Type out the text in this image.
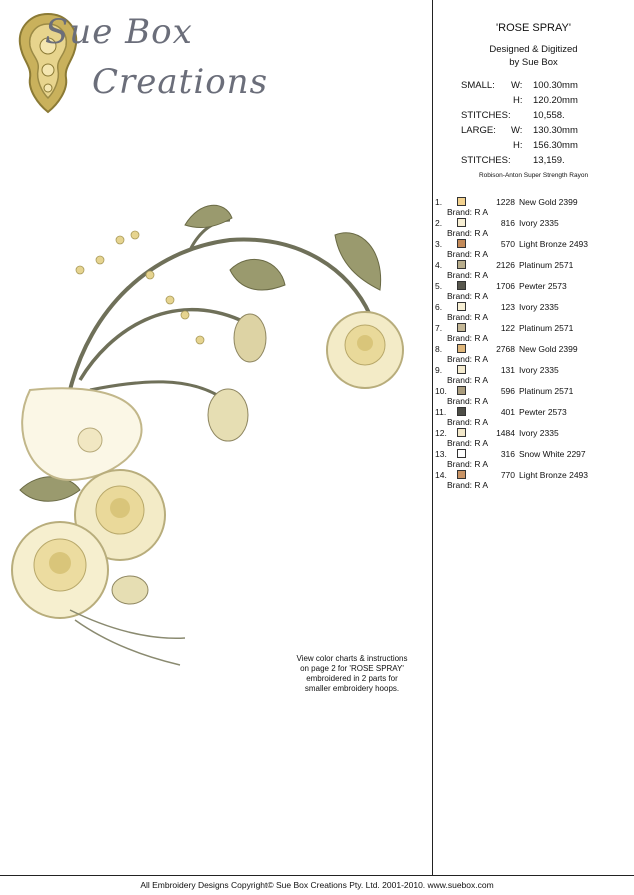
Sue Box
Creations
View color charts & instructions
on page 2 for 'ROSE SPRAY'
embroidered in 2 parts for
smaller embroidery hoops.
'ROSE SPRAY'
Designed & Digitized
by Sue Box
SMALL: W: 100.30mm
H: 120.20mm
STITCHES: 10,558.
LARGE: W: 130.30mm
H: 156.30mm
STITCHES: 13,159.
Robison-Anton Super Strength Rayon
1.	1228 New Gold 2399
Brand: R A
2.	816 Ivory 2335
Brand: R A
3.	570 Light Bronze 2493
Brand: R A
4.	2126 Platinum 2571
Brand: R A
5.	1706 Pewter 2573
Brand: R A
6.	123 Ivory 2335
Brand: R A
7.	122 Platinum 2571
Brand: R A
8.	2768 New Gold 2399
Brand: R A
9.	131 Ivory 2335
Brand: R A
10.	596 Platinum 2571
Brand: R A
11.	401 Pewter 2573
Brand: R A
12.	1484 Ivory 2335
Brand: R A
13.	316 Snow White 2297
Brand: R A
14.	770 Light Bronze 2493
Brand: R A
All Embroidery Designs Copyright© Sue Box Creations Pty. Ltd. 2001-2010. www.suebox.com
